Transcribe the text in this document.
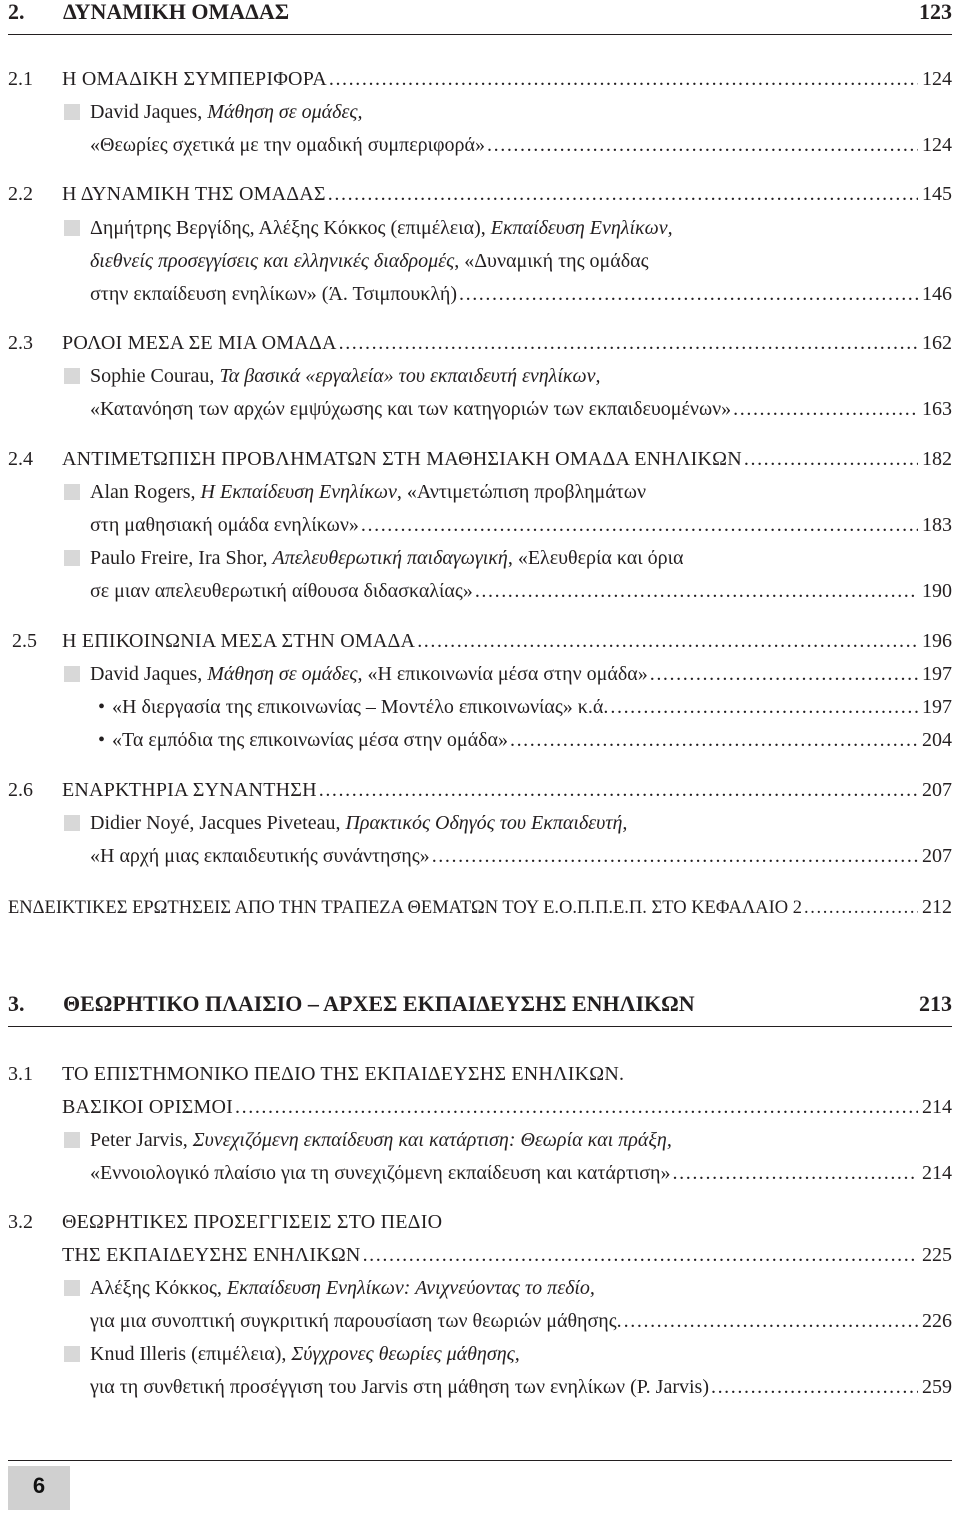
2. ΔΥΝΑΜΙΚΗ ΟΜΑΔΑΣ	123
2.1 Η ΟΜΑΔΙΚΗ ΣΥΜΠΕΡΙΦΟΡΑ .....	124
David Jaques, Μάθηση σε ομάδες,
«Θεωρίες σχετικά με την ομαδική συμπεριφορά» .....	124
2.2 Η ΔΥΝΑΜΙΚΗ ΤΗΣ ΟΜΑΔΑΣ .....	145
Δημήτρης Βεργίδης, Αλέξης Κόκκος (επιμέλεια), Εκπαίδευση Ενηλίκων,
διεθνείς προσεγγίσεις και ελληνικές διαδρομές, «Δυναμική της ομάδας
στην εκπαίδευση ενηλίκων» (Ά. Τσιμπουκλή) .....	146
2.3 ΡΟΛΟΙ ΜΕΣΑ ΣΕ ΜΙΑ ΟΜΑΔΑ .....	162
Sophie Courau, Τα βασικά «εργαλεία» του εκπαιδευτή ενηλίκων,
«Κατανόηση των αρχών εμψύχωσης και των κατηγοριών των εκπαιδευομένων» .....	163
2.4 ΑΝΤΙΜΕΤΩΠΙΣΗ ΠΡΟΒΛΗΜΑΤΩΝ ΣΤΗ ΜΑΘΗΣΙΑΚΗ ΟΜΑΔΑ ΕΝΗΛΙΚΩΝ .....	182
Alan Rogers, Η Εκπαίδευση Ενηλίκων, «Αντιμετώπιση προβλημάτων
στη μαθησιακή ομάδα ενηλίκων» .....	183
Paulo Freire, Ira Shor, Απελευθερωτική παιδαγωγική, «Ελευθερία και όρια
σε μιαν απελευθερωτική αίθουσα διδασκαλίας» .....	190
2.5 Η ΕΠΙΚΟΙΝΩΝΙΑ ΜΕΣΑ ΣΤΗΝ ΟΜΑΔΑ .....	196
David Jaques, Μάθηση σε ομάδες, «Η επικοινωνία μέσα στην ομάδα» .....	197
• «Η διεργασία της επικοινωνίας – Μοντέλο επικοινωνίας» κ.ά. .....	197
• «Τα εμπόδια της επικοινωνίας μέσα στην ομάδα» .....	204
2.6 ΕΝΑΡΚΤΗΡΙΑ ΣΥΝΑΝΤΗΣΗ .....	207
Didier Noyé, Jacques Piveteau, Πρακτικός Οδηγός του Εκπαιδευτή,
«Η αρχή μιας εκπαιδευτικής συνάντησης» .....	207
ΕΝΔΕΙΚΤΙΚΕΣ ΕΡΩΤΗΣΕΙΣ ΑΠΟ ΤΗΝ ΤΡΑΠΕΖΑ ΘΕΜΑΤΩΝ ΤΟΥ Ε.Ο.Π.Π.Ε.Π. ΣΤΟ ΚΕΦΑΛΑΙΟ 2 .....	212
3. ΘΕΩΡΗΤΙΚΟ ΠΛΑΙΣΙΟ – ΑΡΧΕΣ ΕΚΠΑΙΔΕΥΣΗΣ ΕΝΗΛΙΚΩΝ	213
3.1 ΤΟ ΕΠΙΣΤΗΜΟΝΙΚΟ ΠΕΔΙΟ ΤΗΣ ΕΚΠΑΙΔΕΥΣΗΣ ΕΝΗΛΙΚΩΝ.
ΒΑΣΙΚΟΙ ΟΡΙΣΜΟΙ .....	214
Peter Jarvis, Συνεχιζόμενη εκπαίδευση και κατάρτιση: Θεωρία και πράξη,
«Εννοιολογικό πλαίσιο για τη συνεχιζόμενη εκπαίδευση και κατάρτιση» .....	214
3.2 ΘΕΩΡΗΤΙΚΕΣ ΠΡΟΣΕΓΓΙΣΕΙΣ ΣΤΟ ΠΕΔΙΟ
ΤΗΣ ΕΚΠΑΙΔΕΥΣΗΣ ΕΝΗΛΙΚΩΝ .....	225
Αλέξης Κόκκος, Εκπαίδευση Ενηλίκων: Ανιχνεύοντας το πεδίο,
για μια συνοπτική συγκριτική παρουσίαση των θεωριών μάθησης. .....	226
Knud Illeris (επιμέλεια), Σύγχρονες θεωρίες μάθησης,
για τη συνθετική προσέγγιση του Jarvis στη μάθηση των ενηλίκων (P. Jarvis) .....	259
6
